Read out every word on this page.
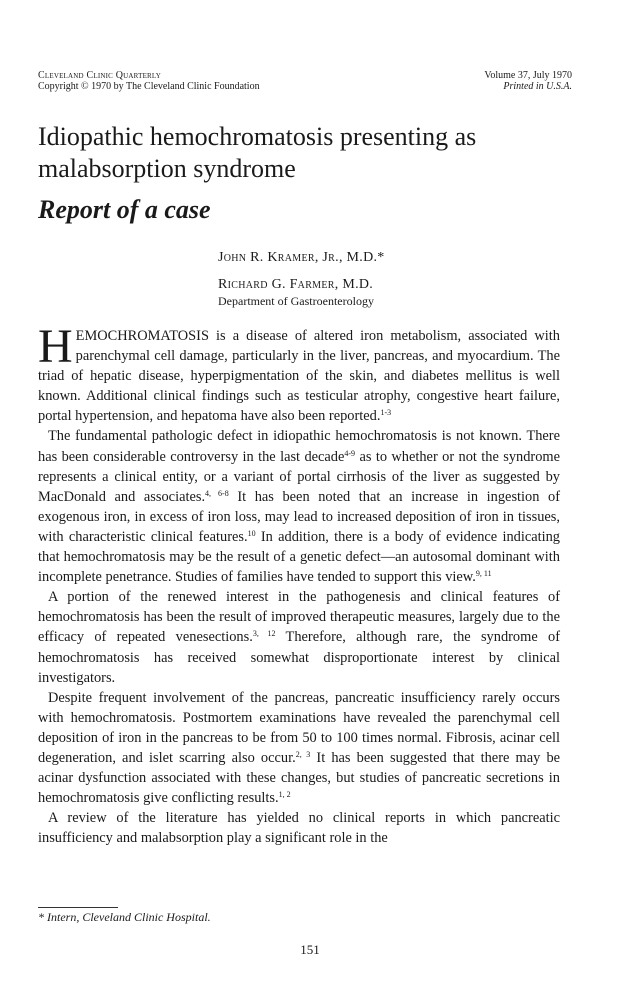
Cleveland Clinic Quarterly
Copyright © 1970 by The Cleveland Clinic Foundation
Volume 37, July 1970
Printed in U.S.A.
Idiopathic hemochromatosis presenting as malabsorption syndrome
Report of a case
John R. Kramer, Jr., M.D.*
Richard G. Farmer, M.D.
Department of Gastroenterology

HEMOCHROMATOSIS is a disease of altered iron metabolism, associated with parenchymal cell damage, particularly in the liver, pancreas, and myocardium. The triad of hepatic disease, hyperpigmentation of the skin, and diabetes mellitus is well known. Additional clinical findings such as testicular atrophy, congestive heart failure, portal hypertension, and hepatoma have also been reported.$^{1-3}$

The fundamental pathologic defect in idiopathic hemochromatosis is not known. There has been considerable controversy in the last decade$^{4-9}$ as to whether or not the syndrome represents a clinical entity, or a variant of portal cirrhosis of the liver as suggested by MacDonald and associates.$^{4, 6-8}$ It has been noted that an increase in ingestion of exogenous iron, in excess of iron loss, may lead to increased deposition of iron in tissues, with characteristic clinical features.$^{10}$ In addition, there is a body of evidence indicating that hemochromatosis may be the result of a genetic defect—an autosomal dominant with incomplete penetrance. Studies of families have tended to support this view.$^{9, 11}$

A portion of the renewed interest in the pathogenesis and clinical features of hemochromatosis has been the result of improved therapeutic measures, largely due to the efficacy of repeated venesections.$^{3, 12}$ Therefore, although rare, the syndrome of hemochromatosis has received somewhat disproportionate interest by clinical investigators.

Despite frequent involvement of the pancreas, pancreatic insufficiency rarely occurs with hemochromatosis. Postmortem examinations have revealed the parenchymal cell deposition of iron in the pancreas to be from 50 to 100 times normal. Fibrosis, acinar cell degeneration, and islet scarring also occur.$^{2, 3}$ It has been suggested that there may be acinar dysfunction associated with these changes, but studies of pancreatic secretions in hemochromatosis give conflicting results.$^{1, 2}$

A review of the literature has yielded no clinical reports in which pancreatic insufficiency and malabsorption play a significant role in the

* Intern, Cleveland Clinic Hospital.
151
